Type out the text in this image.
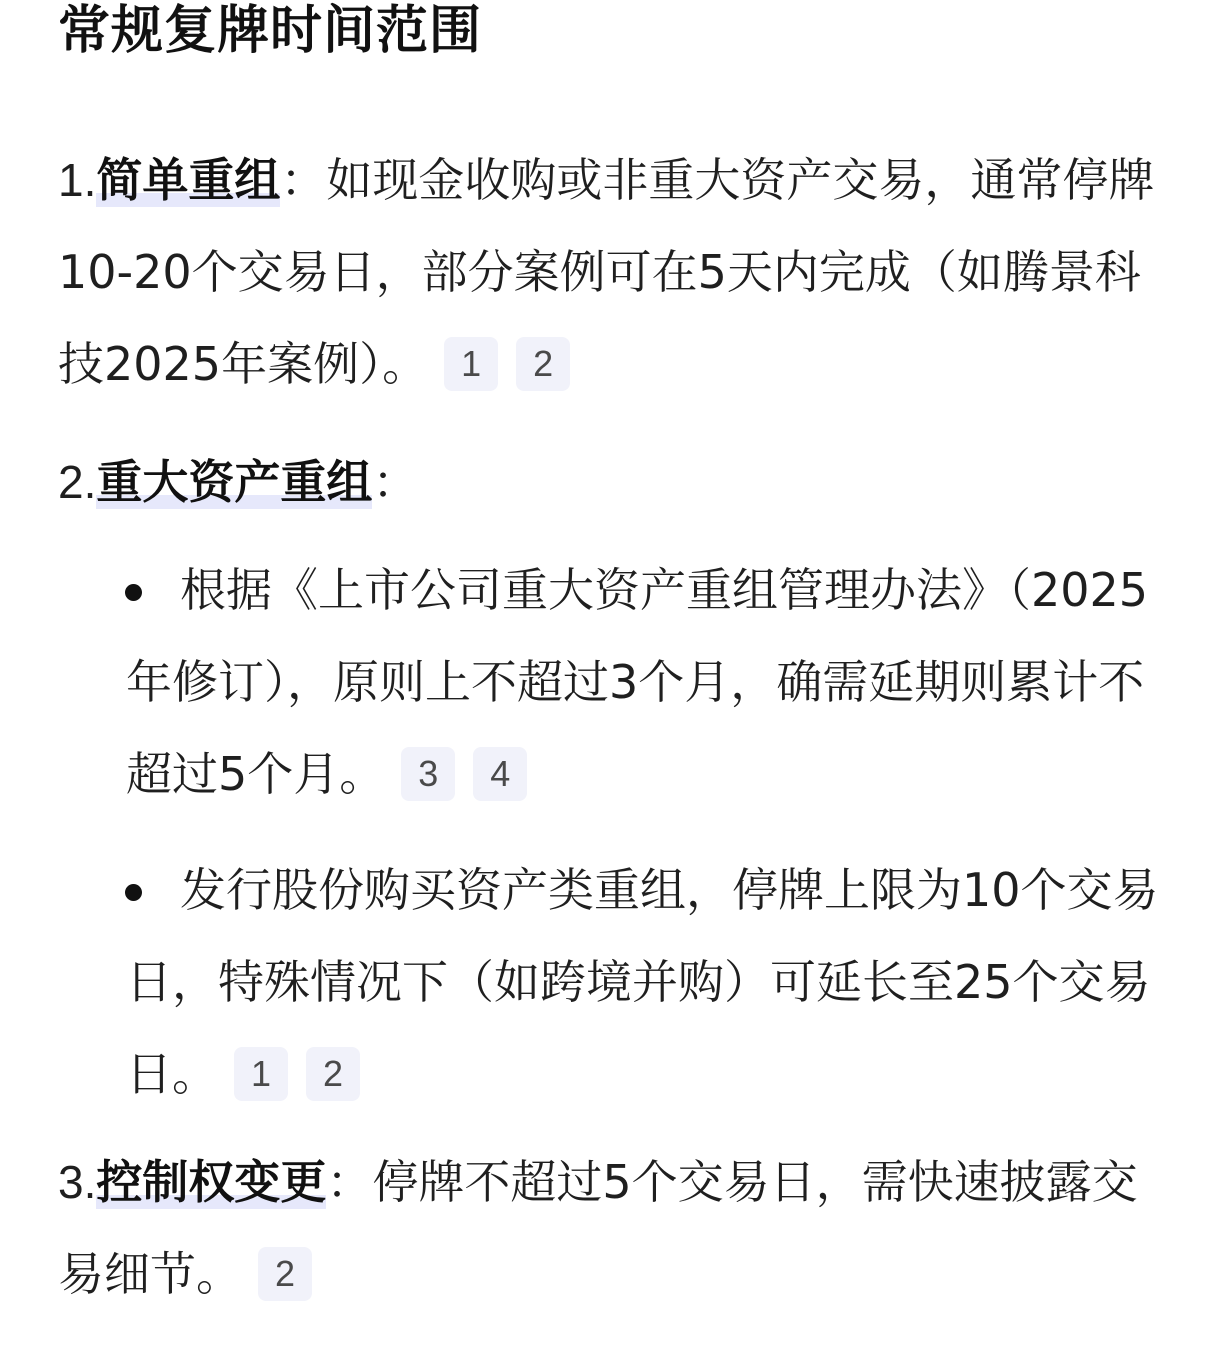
常规复牌时间范围

1.简单重组：如现金收购或非重大资产交易，通常停牌10-20个交易日，部分案例可在5天内完成（如腾景科技2025年案例）。 1 2

2.重大资产重组：

根据《上市公司重大资产重组管理办法》（2025年修订），原则上不超过3个月，确需延期则累计不超过5个月。 3 4
发行股份购买资产类重组，停牌上限为10个交易日，特殊情况下（如跨境并购）可延长至25个交易日。 1 2

3.控制权变更：停牌不超过5个交易日，需快速披露交易细节。 2
